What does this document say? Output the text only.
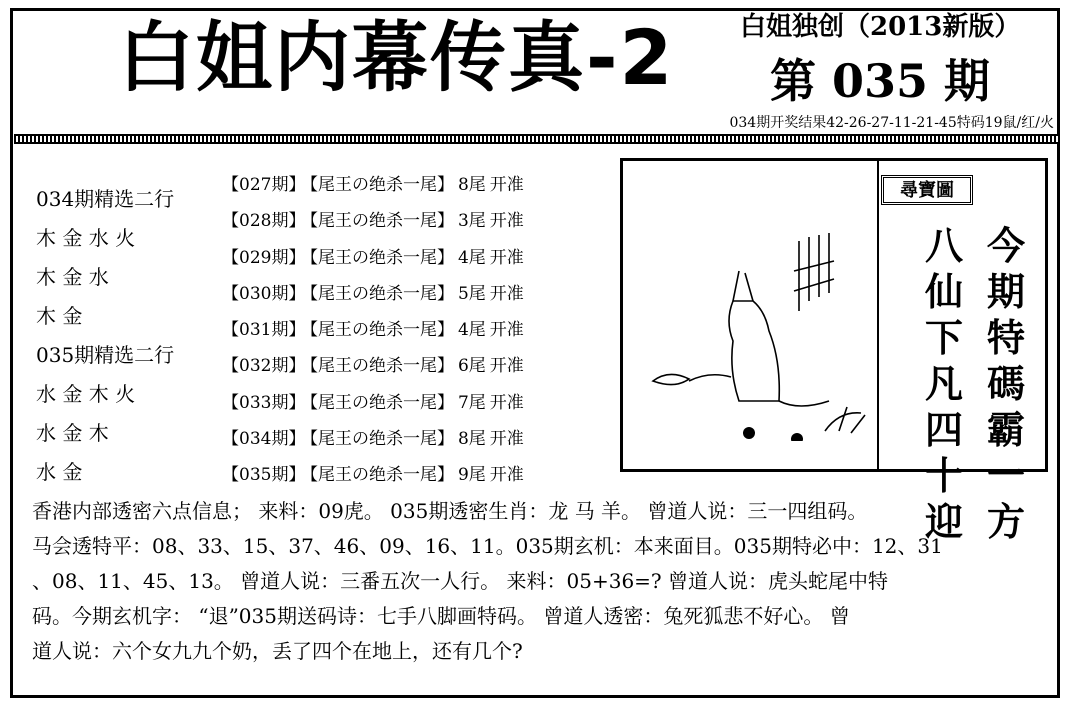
白姐内幕传真-2	白姐独创（2013新版）
第 035 期
034期开奖结果42-26-27-11-21-45特码19鼠/红/火
034期精选二行
木 金 水 火
木 金 水
木 金
035期精选二行
水 金 木 火
水 金 木
水 金
【027期】 【尾王の绝杀一尾】 8尾 开准
【028期】 【尾王の绝杀一尾】 3尾 开准
【029期】 【尾王の绝杀一尾】 4尾 开准
【030期】 【尾王の绝杀一尾】 5尾 开准
【031期】 【尾王の绝杀一尾】 4尾 开准
【032期】 【尾王の绝杀一尾】 6尾 开准
【033期】 【尾王の绝杀一尾】 7尾 开准
【034期】 【尾王の绝杀一尾】 8尾 开准
【035期】 【尾王の绝杀一尾】 9尾 开准
尋寶圖
今期特碼霸一方
八仙下凡四十迎

香港内部透密六点信息； 来料：09虎。 035期透密生肖：龙 马 羊。 曾道人说：三一四组码。

马会透特平：08、33、15、37、46、09、16、11。035期玄机：本来面目。035期特必中：12、31

、08、11、45、13。 曾道人说：三番五次一人行。 来料：05+36=? 曾道人说：虎头蛇尾中特

码。今期玄机字： “退”035期送码诗：七手八脚画特码。 曾道人透密：兔死狐悲不好心。 曾

道人说：六个女九九个奶，丢了四个在地上，还有几个?
